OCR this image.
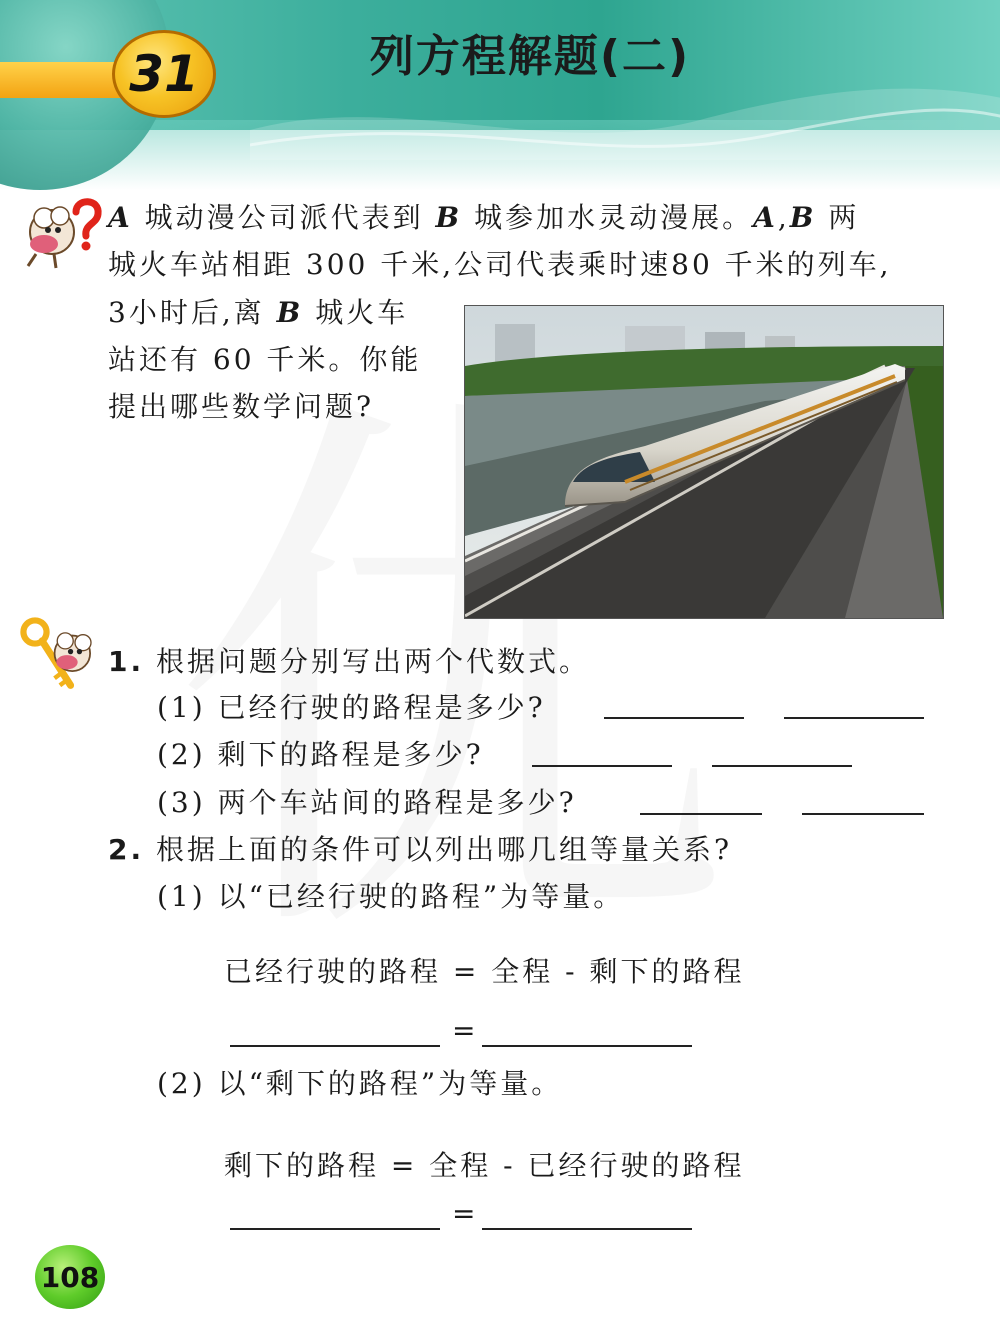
31	列方程解题(二)
A 城动漫公司派代表到 B 城参加水灵动漫展。A,B 两
城火车站相距 300 千米,公司代表乘时速80 千米的列车,
3小时后,离 B 城火车
站还有 60 千米。你能
提出哪些数学问题?
1. 根据问题分别写出两个代数式。
(1) 已经行驶的路程是多少?
(2) 剩下的路程是多少?
(3) 两个车站间的路程是多少?
2. 根据上面的条件可以列出哪几组等量关系?
(1) 以“已经行驶的路程”为等量。
已经行驶的路程 = 全程 - 剩下的路程
=
(2) 以“剩下的路程”为等量。
剩下的路程 = 全程 - 已经行驶的路程
=
108
